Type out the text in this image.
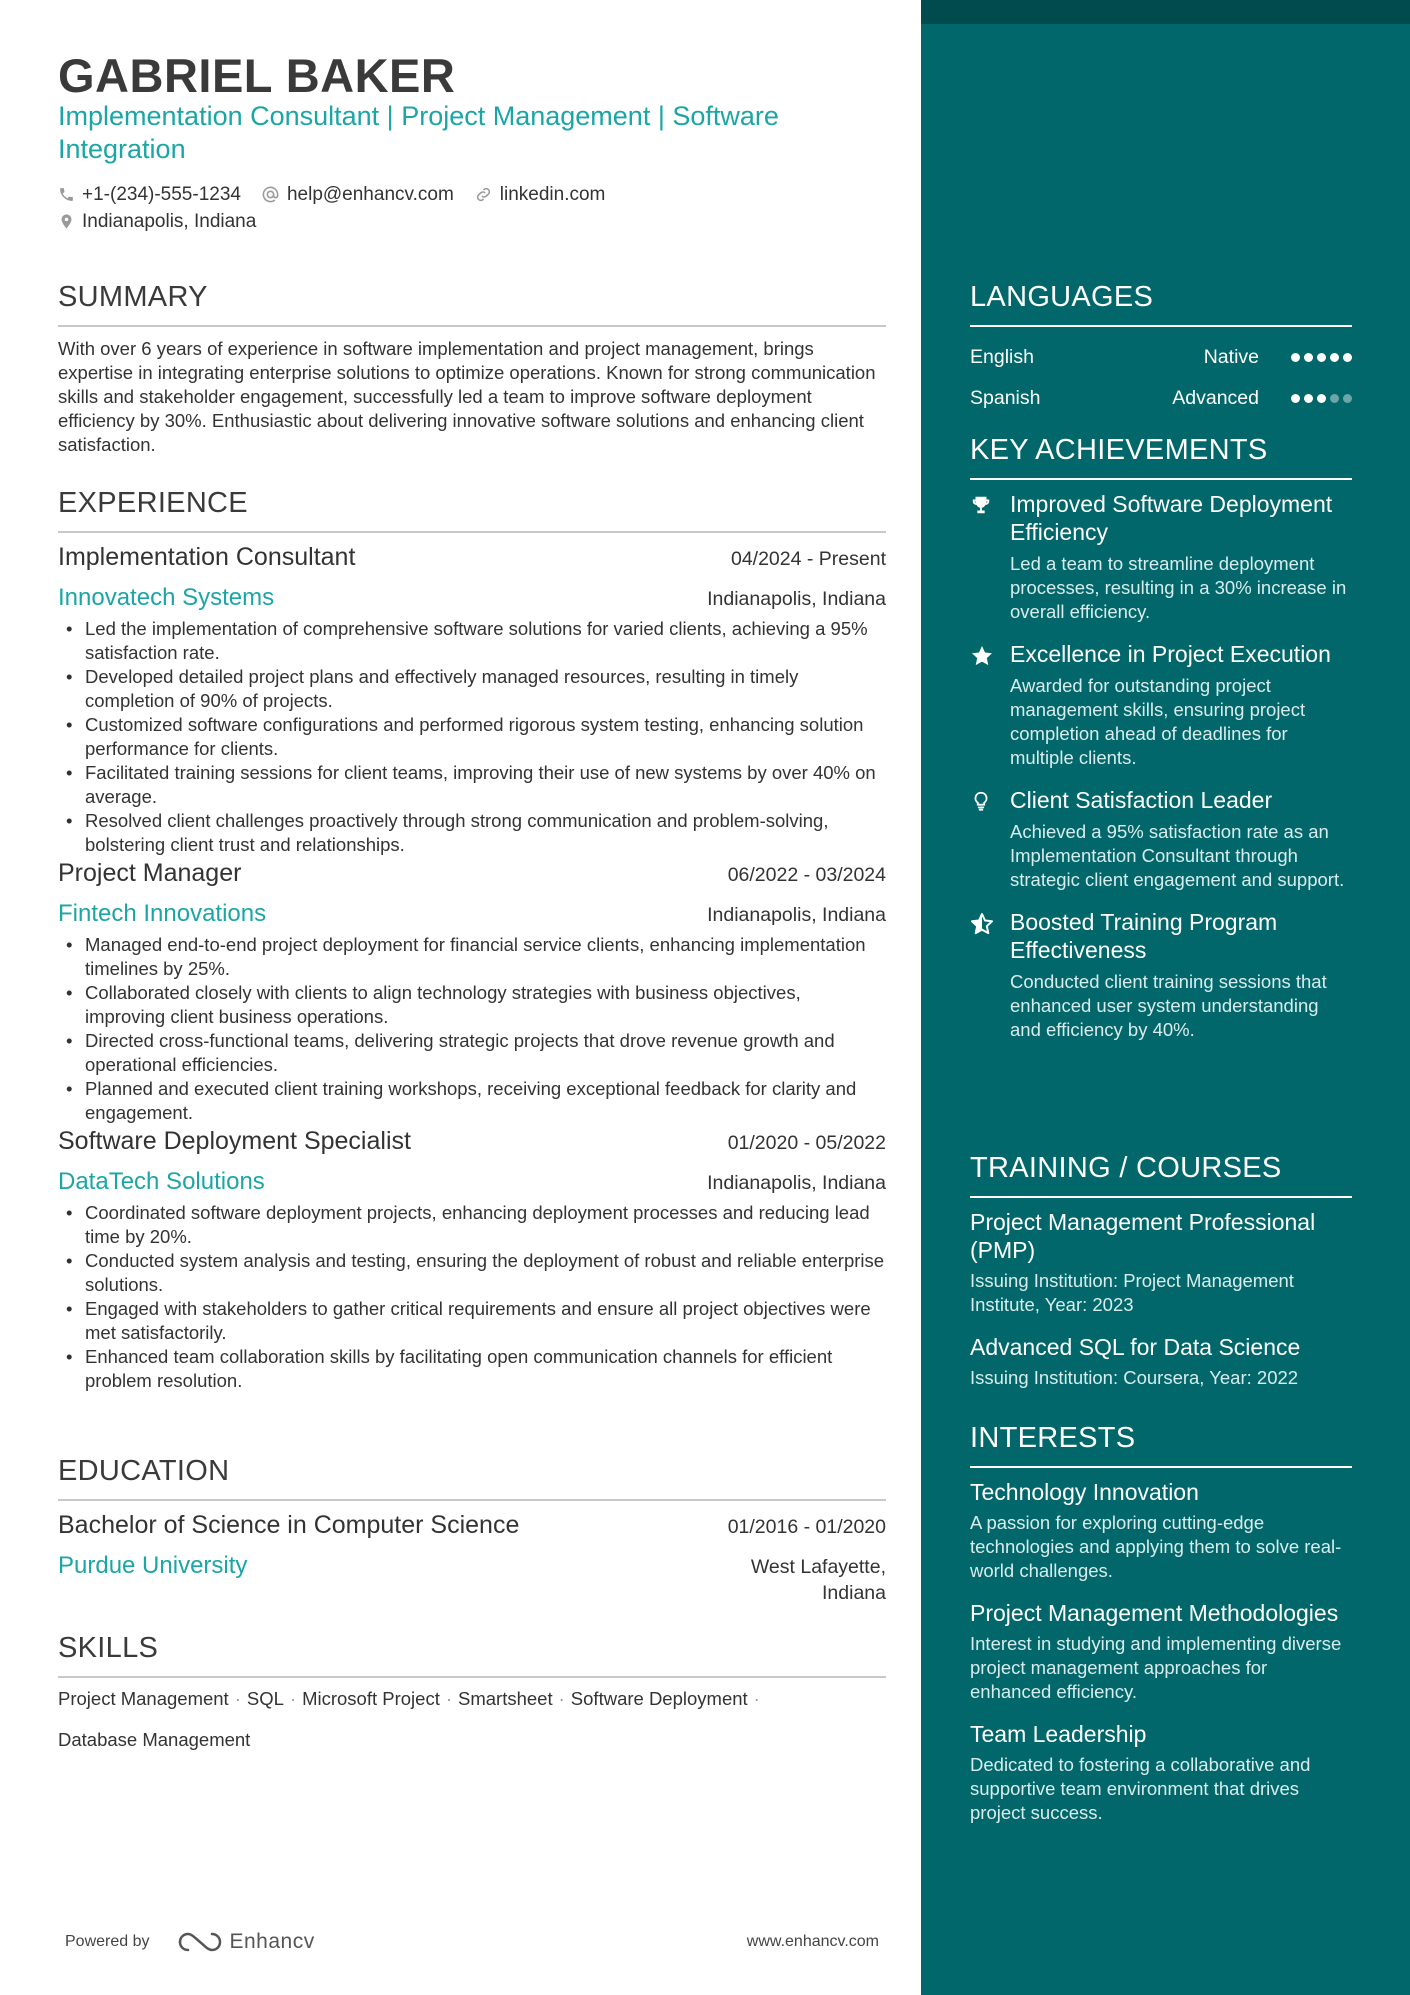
GABRIEL BAKER
Implementation Consultant | Project Management | Software Integration
+1-(234)-555-1234 help@enhancv.com linkedin.com
Indianapolis, Indiana
SUMMARY
With over 6 years of experience in software implementation and project management, brings expertise in integrating enterprise solutions to optimize operations. Known for strong communication skills and stakeholder engagement, successfully led a team to improve software deployment efficiency by 30%. Enthusiastic about delivering innovative software solutions and enhancing client satisfaction.
EXPERIENCE
Implementation Consultant	04/2024 - Present
Innovatech Systems	Indianapolis, Indiana
• Led the implementation of comprehensive software solutions for varied clients, achieving a 95% satisfaction rate.
• Developed detailed project plans and effectively managed resources, resulting in timely completion of 90% of projects.
• Customized software configurations and performed rigorous system testing, enhancing solution performance for clients.
• Facilitated training sessions for client teams, improving their use of new systems by over 40% on average.
• Resolved client challenges proactively through strong communication and problem-solving, bolstering client trust and relationships.
Project Manager	06/2022 - 03/2024
Fintech Innovations	Indianapolis, Indiana
• Managed end-to-end project deployment for financial service clients, enhancing implementation timelines by 25%.
• Collaborated closely with clients to align technology strategies with business objectives, improving client business operations.
• Directed cross-functional teams, delivering strategic projects that drove revenue growth and operational efficiencies.
• Planned and executed client training workshops, receiving exceptional feedback for clarity and engagement.
Software Deployment Specialist	01/2020 - 05/2022
DataTech Solutions	Indianapolis, Indiana
• Coordinated software deployment projects, enhancing deployment processes and reducing lead time by 20%.
• Conducted system analysis and testing, ensuring the deployment of robust and reliable enterprise solutions.
• Engaged with stakeholders to gather critical requirements and ensure all project objectives were met satisfactorily.
• Enhanced team collaboration skills by facilitating open communication channels for efficient problem resolution.
EDUCATION
Bachelor of Science in Computer Science	01/2016 - 01/2020
Purdue University	West Lafayette,
Indiana
SKILLS
Project Management · SQL · Microsoft Project · Smartsheet · Software Deployment ·
Database Management
Powered by	Enhancv	www.enhancv.com
LANGUAGES
English	Native
Spanish	Advanced
KEY ACHIEVEMENTS
Improved Software Deployment Efficiency
Led a team to streamline deployment processes, resulting in a 30% increase in overall efficiency.
Excellence in Project Execution
Awarded for outstanding project management skills, ensuring project completion ahead of deadlines for multiple clients.
Client Satisfaction Leader
Achieved a 95% satisfaction rate as an Implementation Consultant through strategic client engagement and support.
Boosted Training Program Effectiveness
Conducted client training sessions that enhanced user system understanding and efficiency by 40%.
TRAINING / COURSES
Project Management Professional (PMP)
Issuing Institution: Project Management Institute, Year: 2023
Advanced SQL for Data Science
Issuing Institution: Coursera, Year: 2022
INTERESTS
Technology Innovation
A passion for exploring cutting-edge technologies and applying them to solve real-world challenges.
Project Management Methodologies
Interest in studying and implementing diverse project management approaches for enhanced efficiency.
Team Leadership
Dedicated to fostering a collaborative and supportive team environment that drives project success.
